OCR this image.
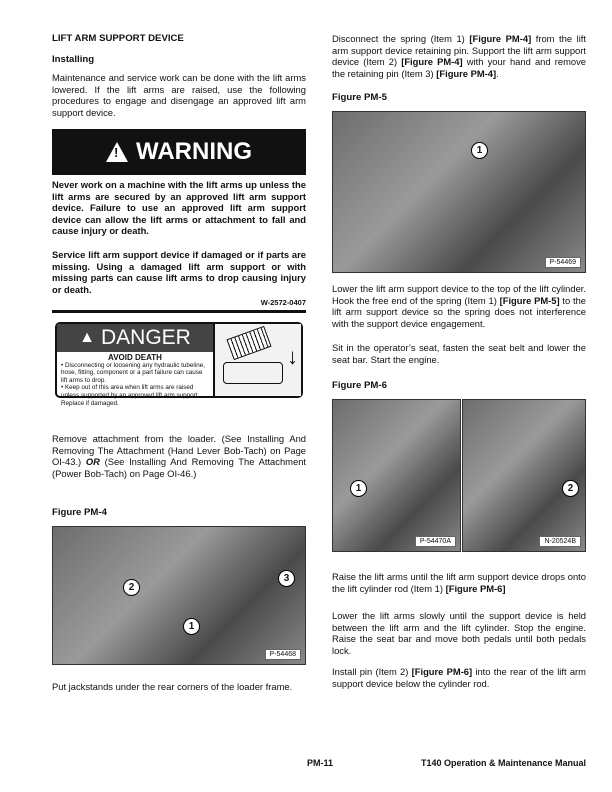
LIFT ARM SUPPORT DEVICE
Installing
Maintenance and service work can be done with the lift arms lowered. If the lift arms are raised, use the following procedures to engage and disengage an approved lift arm support device.
!
WARNING
Never work on a machine with the lift arms up unless the lift arms are secured by an approved lift arm support device. Failure to use an approved lift arm support device can allow the lift arms or attachment to fall and cause injury or death.
Service lift arm support device if damaged or if parts are missing. Using a damaged lift arm support or with missing parts can cause lift arms to drop causing injury or death.
W-2572-0407
▲ DANGER
AVOID DEATH
• Disconnecting or loosening any hydraulic tubeline, hose, fitting, component or a part failure can cause lift arms to drop.
• Keep out of this area when lift arms are raised unless supported by an approved lift arm support. Replace if damaged.
↓
Remove attachment from the loader. (See Installing And Removing The Attachment (Hand Lever Bob-Tach) on Page OI-43.) OR (See Installing And Removing The Attachment (Power Bob-Tach) on Page OI-46.)
Figure PM-4
3
2
1
P-54468
Put jackstands under the rear corners of the loader frame.
Disconnect the spring (Item 1) [Figure PM-4] from the lift arm support device retaining pin. Support the lift arm support device (Item 2) [Figure PM-4] with your hand and remove the retaining pin (Item 3) [Figure PM-4].
Figure PM-5
1
P-54469
Lower the lift arm support device to the top of the lift cylinder. Hook the free end of the spring (Item 1) [Figure PM-5] to the lift arm support device so the spring does not interference with the support device engagement.
Sit in the operator’s seat, fasten the seat belt and lower the seat bar. Start the engine.
Figure PM-6
1
P-54470A
2
N-20524B
Raise the lift arms until the lift arm support device drops onto the lift cylinder rod (Item 1) [Figure PM-6]
Lower the lift arms slowly until the support device is held between the lift arm and the lift cylinder. Stop the engine. Raise the seat bar and move both pedals until both pedals lock.
Install pin (Item 2) [Figure PM-6] into the rear of the lift arm support device below the cylinder rod.
PM-11	T140 Operation & Maintenance Manual
